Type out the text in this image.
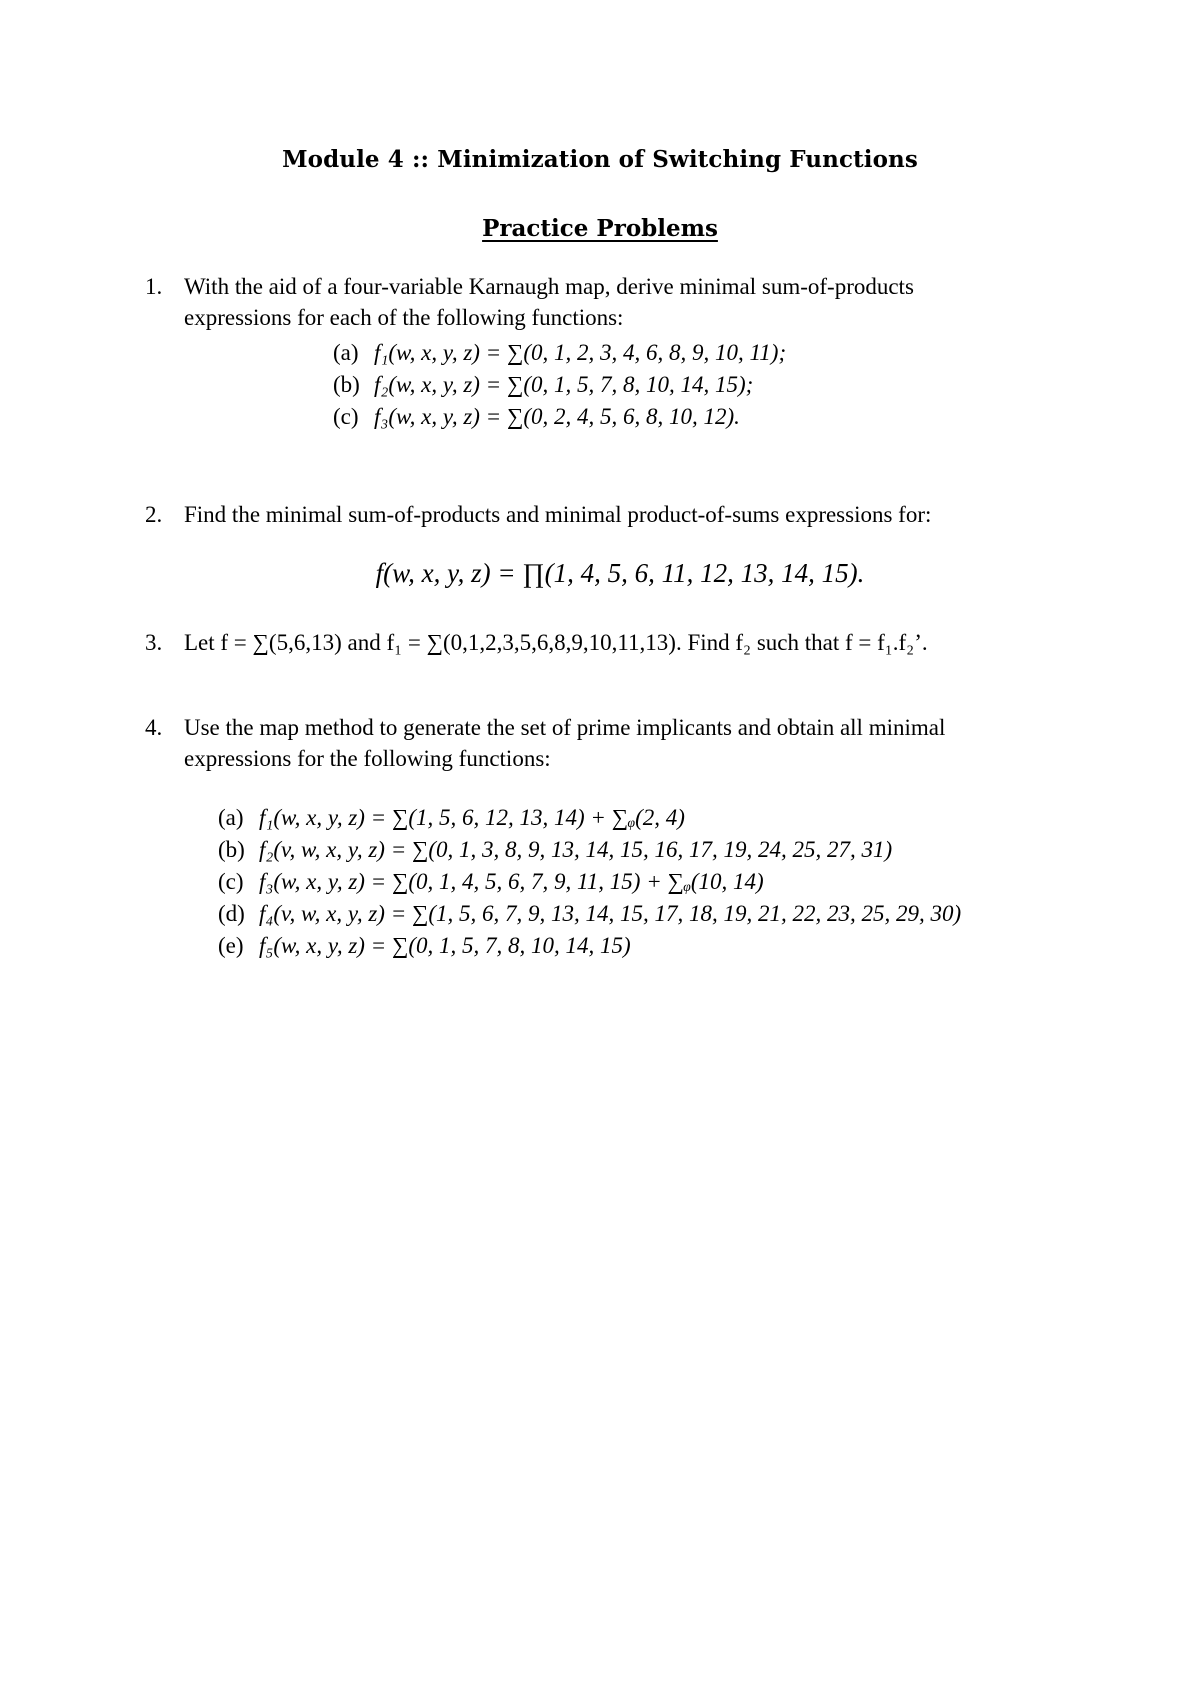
Module 4 :: Minimization of Switching Functions
Practice Problems
1. With the aid of a four-variable Karnaugh map, derive minimal sum-of-products
expressions for each of the following functions:
(a) f₁(w, x, y, z) = ∑(0, 1, 2, 3, 4, 6, 8, 9, 10, 11);
(b) f₂(w, x, y, z) = ∑(0, 1, 5, 7, 8, 10, 14, 15);
(c) f₃(w, x, y, z) = ∑(0, 2, 4, 5, 6, 8, 10, 12).
2. Find the minimal sum-of-products and minimal product-of-sums expressions for:
f(w, x, y, z) = ∏(1, 4, 5, 6, 11, 12, 13, 14, 15).
3. Let f = ∑(5,6,13) and f₁ = ∑(0,1,2,3,5,6,8,9,10,11,13). Find f₂ such that f = f₁.f₂’.
4. Use the map method to generate the set of prime implicants and obtain all minimal
expressions for the following functions:
(a) f₁(w, x, y, z) = ∑(1, 5, 6, 12, 13, 14) + ∑ᵩ(2, 4)
(b) f₂(v, w, x, y, z) = ∑(0, 1, 3, 8, 9, 13, 14, 15, 16, 17, 19, 24, 25, 27, 31)
(c) f₃(w, x, y, z) = ∑(0, 1, 4, 5, 6, 7, 9, 11, 15) + ∑ᵩ(10, 14)
(d) f₄(v, w, x, y, z) = ∑(1, 5, 6, 7, 9, 13, 14, 15, 17, 18, 19, 21, 22, 23, 25, 29, 30)
(e) f₅(w, x, y, z) = ∑(0, 1, 5, 7, 8, 10, 14, 15)
